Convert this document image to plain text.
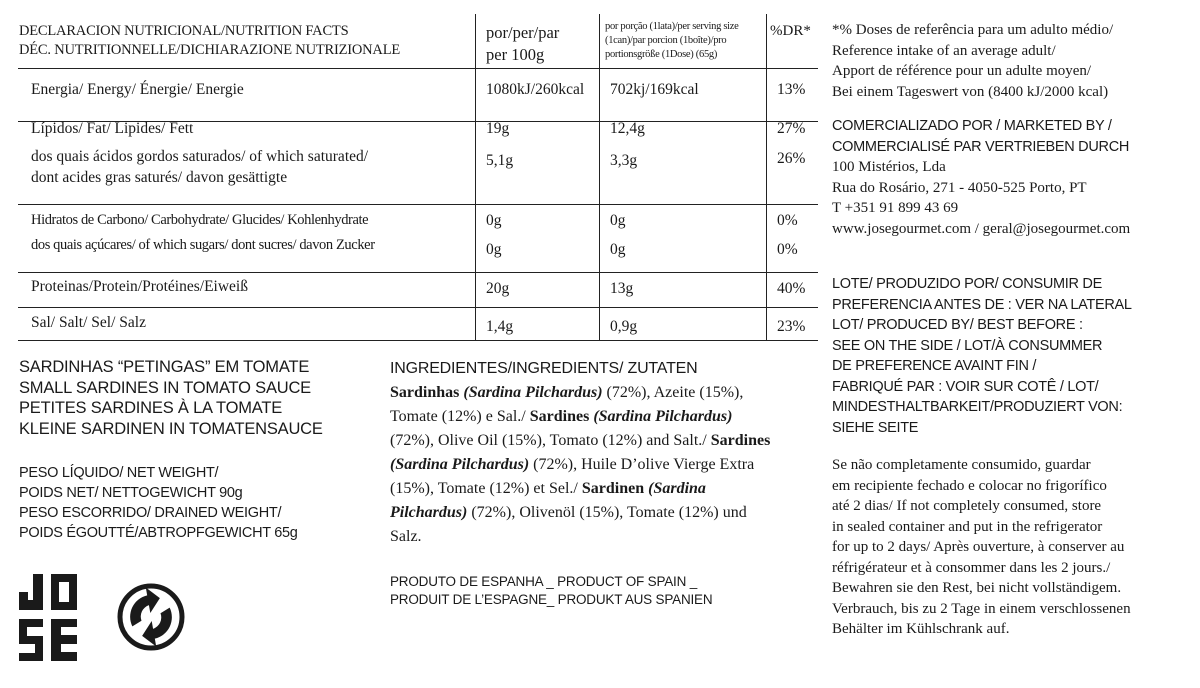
DECLARACION NUTRICIONAL/NUTRITION FACTS
DÉC. NUTRITIONNELLE/DICHIARAZIONE NUTRIZIONALE
por/per/par
per 100g
por porção (1lata)/per serving size
(1can)/par porcion (1boîte)/pro
portionsgröße (1Dose) (65g)
%DR*
Energia/ Energy/ Énergie/ Energie	1080kJ/260kcal 702kj/169kcal	13%
Lípidos/ Fat/ Lipides/ Fett	19g	12,4g	27%
dos quais ácidos gordos saturados/ of which saturated/
dont acides gras saturés/ davon gesättigte
5,1g	3,3g	26%
Hidratos de Carbono/ Carbohydrate/ Glucides/ Kohlenhydrate	0g	0g	0%
dos quais açúcares/ of which sugars/ dont sucres/ davon Zucker	0g	0g	0%
Proteinas/Protein/Protéines/Eiweiß	20g	13g	40%
Sal/ Salt/ Sel/ Salz	1,4g	0,9g	23%
*% Doses de referência para um adulto médio/
Reference intake of an average adult/
Apport de référence pour un adulte moyen/
Bei einem Tageswert von (8400 kJ/2000 kcal)
COMERCIALIZADO POR / MARKETED BY /
COMMERCIALISÉ PAR VERTRIEBEN DURCH
100 Mistérios, Lda
Rua do Rosário, 271 - 4050-525 Porto, PT
T +351 91 899 43 69
www.josegourmet.com / geral@josegourmet.com
LOTE/ PRODUZIDO POR/ CONSUMIR DE
PREFERENCIA ANTES DE : VER NA LATERAL
LOT/ PRODUCED BY/ BEST BEFORE :
SEE ON THE SIDE / LOT/À CONSUMMER
DE PREFERENCE AVAINT FIN /
FABRIQUÉ PAR : VOIR SUR COTÊ / LOT/
MINDESTHALTBARKEIT/PRODUZIERT VON:
SIEHE SEITE
Se não completamente consumido, guardar
em recipiente fechado e colocar no frigorífico
até 2 dias/ If not completely consumed, store
in sealed container and put in the refrigerator
for up to 2 days/ Après ouverture, à conserver au
réfrigérateur et à consommer dans les 2 jours./
Bewahren sie den Rest, bei nicht vollständigem.
Verbrauch, bis zu 2 Tage in einem verschlossenen
Behälter im Kühlschrank auf.
SARDINHAS “PETINGAS” EM TOMATE
SMALL SARDINES IN TOMATO SAUCE
PETITES SARDINES À LA TOMATE
KLEINE SARDINEN IN TOMATENSAUCE
PESO LÍQUIDO/ NET WEIGHT/
POIDS NET/ NETTOGEWICHT 90g
PESO ESCORRIDO/ DRAINED WEIGHT/
POIDS ÉGOUTTÉ/ABTROPFGEWICHT 65g
INGREDIENTES/INGREDIENTS/ ZUTATEN
Sardinhas (Sardina Pilchardus) (72%), Azeite (15%), Tomate (12%) e Sal./ Sardines (Sardina Pilchardus) (72%), Olive Oil (15%), Tomato (12%) and Salt./ Sardines (Sardina Pilchardus) (72%), Huile D’olive Vierge Extra (15%), Tomate (12%) et Sel./ Sardinen (Sardina Pilchardus) (72%), Olivenöl (15%), Tomate (12%) und Salz.
PRODUTO DE ESPANHA _ PRODUCT OF SPAIN _
PRODUIT DE L’ESPAGNE_ PRODUKT AUS SPANIEN
